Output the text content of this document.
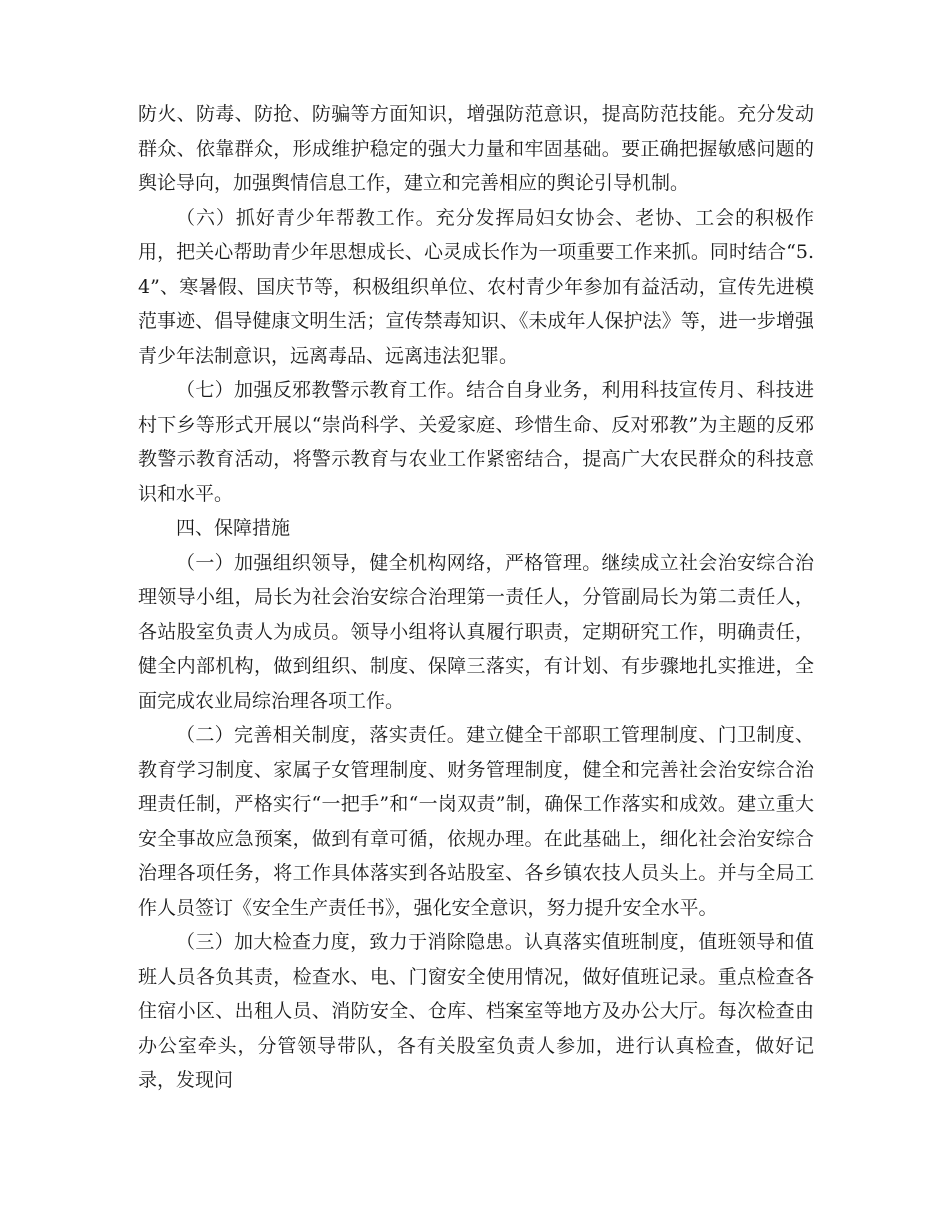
防火、防毒、防抢、防骗等方面知识，增强防范意识，提高防范技能。充分发动群众、依靠群众，形成维护稳定的强大力量和牢固基础。要正确把握敏感问题的舆论导向，加强舆情信息工作，建立和完善相应的舆论引导机制。

（六）抓好青少年帮教工作。充分发挥局妇女协会、老协、工会的积极作用，把关心帮助青少年思想成长、心灵成长作为一项重要工作来抓。同时结合“5.4”、寒暑假、国庆节等，积极组织单位、农村青少年参加有益活动，宣传先进模范事迹、倡导健康文明生活；宣传禁毒知识、《未成年人保护法》等，进一步增强青少年法制意识，远离毒品、远离违法犯罪。

（七）加强反邪教警示教育工作。结合自身业务，利用科技宣传月、科技进村下乡等形式开展以“崇尚科学、关爱家庭、珍惜生命、反对邪教”为主题的反邪教警示教育活动，将警示教育与农业工作紧密结合，提高广大农民群众的科技意识和水平。

四、保障措施

（一）加强组织领导，健全机构网络，严格管理。继续成立社会治安综合治理领导小组，局长为社会治安综合治理第一责任人，分管副局长为第二责任人，各站股室负责人为成员。领导小组将认真履行职责，定期研究工作，明确责任，健全内部机构，做到组织、制度、保障三落实，有计划、有步骤地扎实推进，全面完成农业局综治理各项工作。

（二）完善相关制度，落实责任。建立健全干部职工管理制度、门卫制度、教育学习制度、家属子女管理制度、财务管理制度，健全和完善社会治安综合治理责任制，严格实行“一把手”和“一岗双责”制，确保工作落实和成效。建立重大安全事故应急预案，做到有章可循，依规办理。在此基础上，细化社会治安综合治理各项任务，将工作具体落实到各站股室、各乡镇农技人员头上。并与全局工作人员签订《安全生产责任书》，强化安全意识，努力提升安全水平。

（三）加大检查力度，致力于消除隐患。认真落实值班制度，值班领导和值班人员各负其责，检查水、电、门窗安全使用情况，做好值班记录。重点检查各住宿小区、出租人员、消防安全、仓库、档案室等地方及办公大厅。每次检查由办公室牵头，分管领导带队，各有关股室负责人参加，进行认真检查，做好记录，发现问
